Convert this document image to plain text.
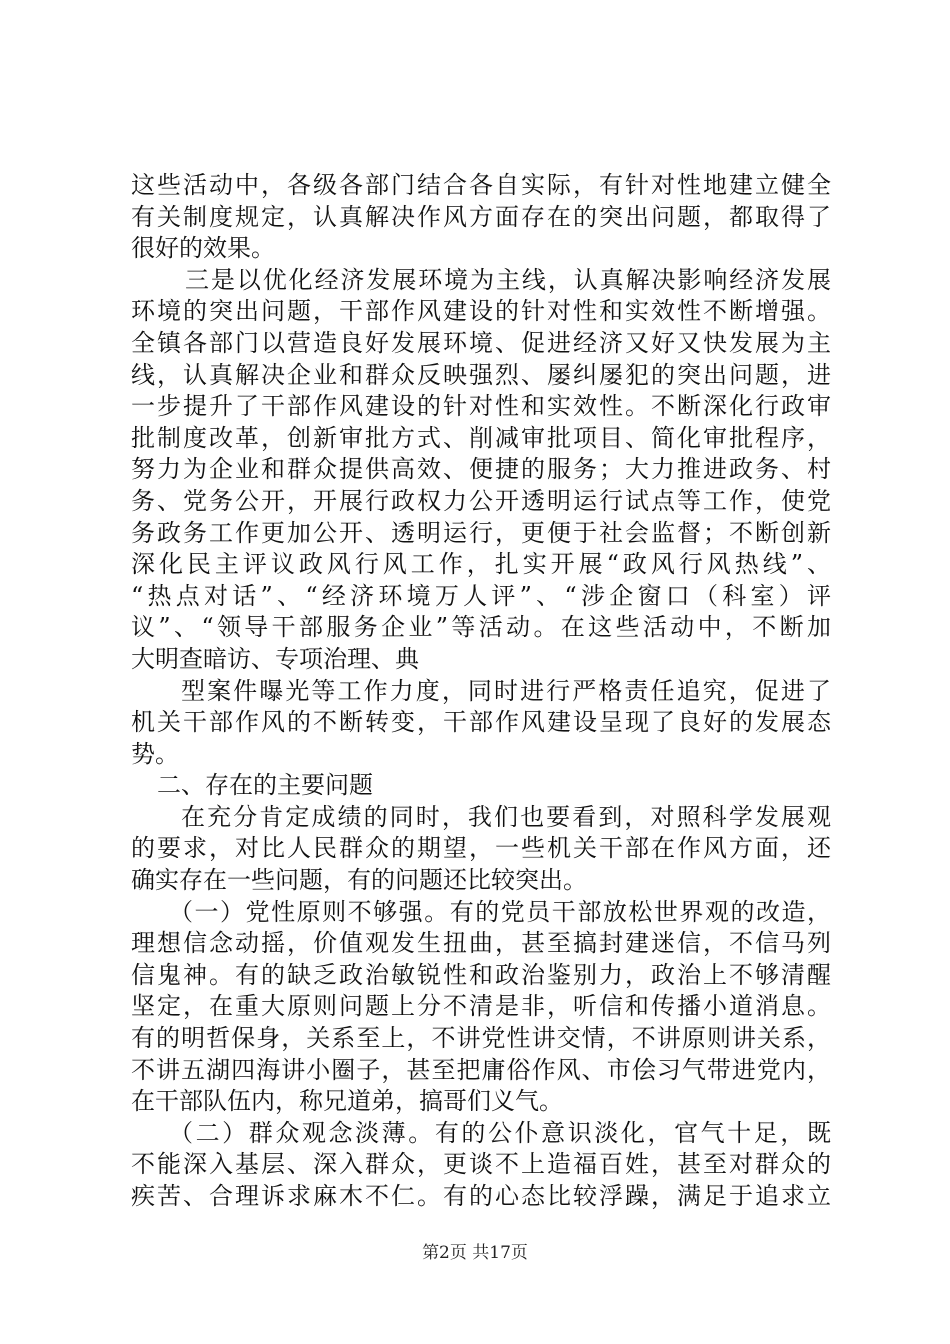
这些活动中，各级各部门结合各自实际，有针对性地建立健全
有关制度规定，认真解决作风方面存在的突出问题，都取得了
很好的效果。
三是以优化经济发展环境为主线，认真解决影响经济发展
环境的突出问题，干部作风建设的针对性和实效性不断增强。
全镇各部门以营造良好发展环境、促进经济又好又快发展为主
线，认真解决企业和群众反映强烈、屡纠屡犯的突出问题，进
一步提升了干部作风建设的针对性和实效性。不断深化行政审
批制度改革，创新审批方式、削减审批项目、简化审批程序，
努力为企业和群众提供高效、便捷的服务；大力推进政务、村
务、党务公开，开展行政权力公开透明运行试点等工作，使党
务政务工作更加公开、透明运行，更便于社会监督；不断创新
深化民主评议政风行风工作，扎实开展“政风行风热线”、
“热点对话”、“经济环境万人评”、“涉企窗口（科室）评
议”、“领导干部服务企业”等活动。在这些活动中，不断加
大明查暗访、专项治理、典
型案件曝光等工作力度，同时进行严格责任追究，促进了
机关干部作风的不断转变，干部作风建设呈现了良好的发展态
势。
二、存在的主要问题
在充分肯定成绩的同时，我们也要看到，对照科学发展观
的要求，对比人民群众的期望，一些机关干部在作风方面，还
确实存在一些问题，有的问题还比较突出。
（一）党性原则不够强。有的党员干部放松世界观的改造，
理想信念动摇，价值观发生扭曲，甚至搞封建迷信，不信马列
信鬼神。有的缺乏政治敏锐性和政治鉴别力，政治上不够清醒
坚定，在重大原则问题上分不清是非，听信和传播小道消息。
有的明哲保身，关系至上，不讲党性讲交情，不讲原则讲关系，
不讲五湖四海讲小圈子，甚至把庸俗作风、市侩习气带进党内，
在干部队伍内，称兄道弟，搞哥们义气。
（二）群众观念淡薄。有的公仆意识淡化，官气十足，既
不能深入基层、深入群众，更谈不上造福百姓，甚至对群众的
疾苦、合理诉求麻木不仁。有的心态比较浮躁，满足于追求立
第2页 共17页
